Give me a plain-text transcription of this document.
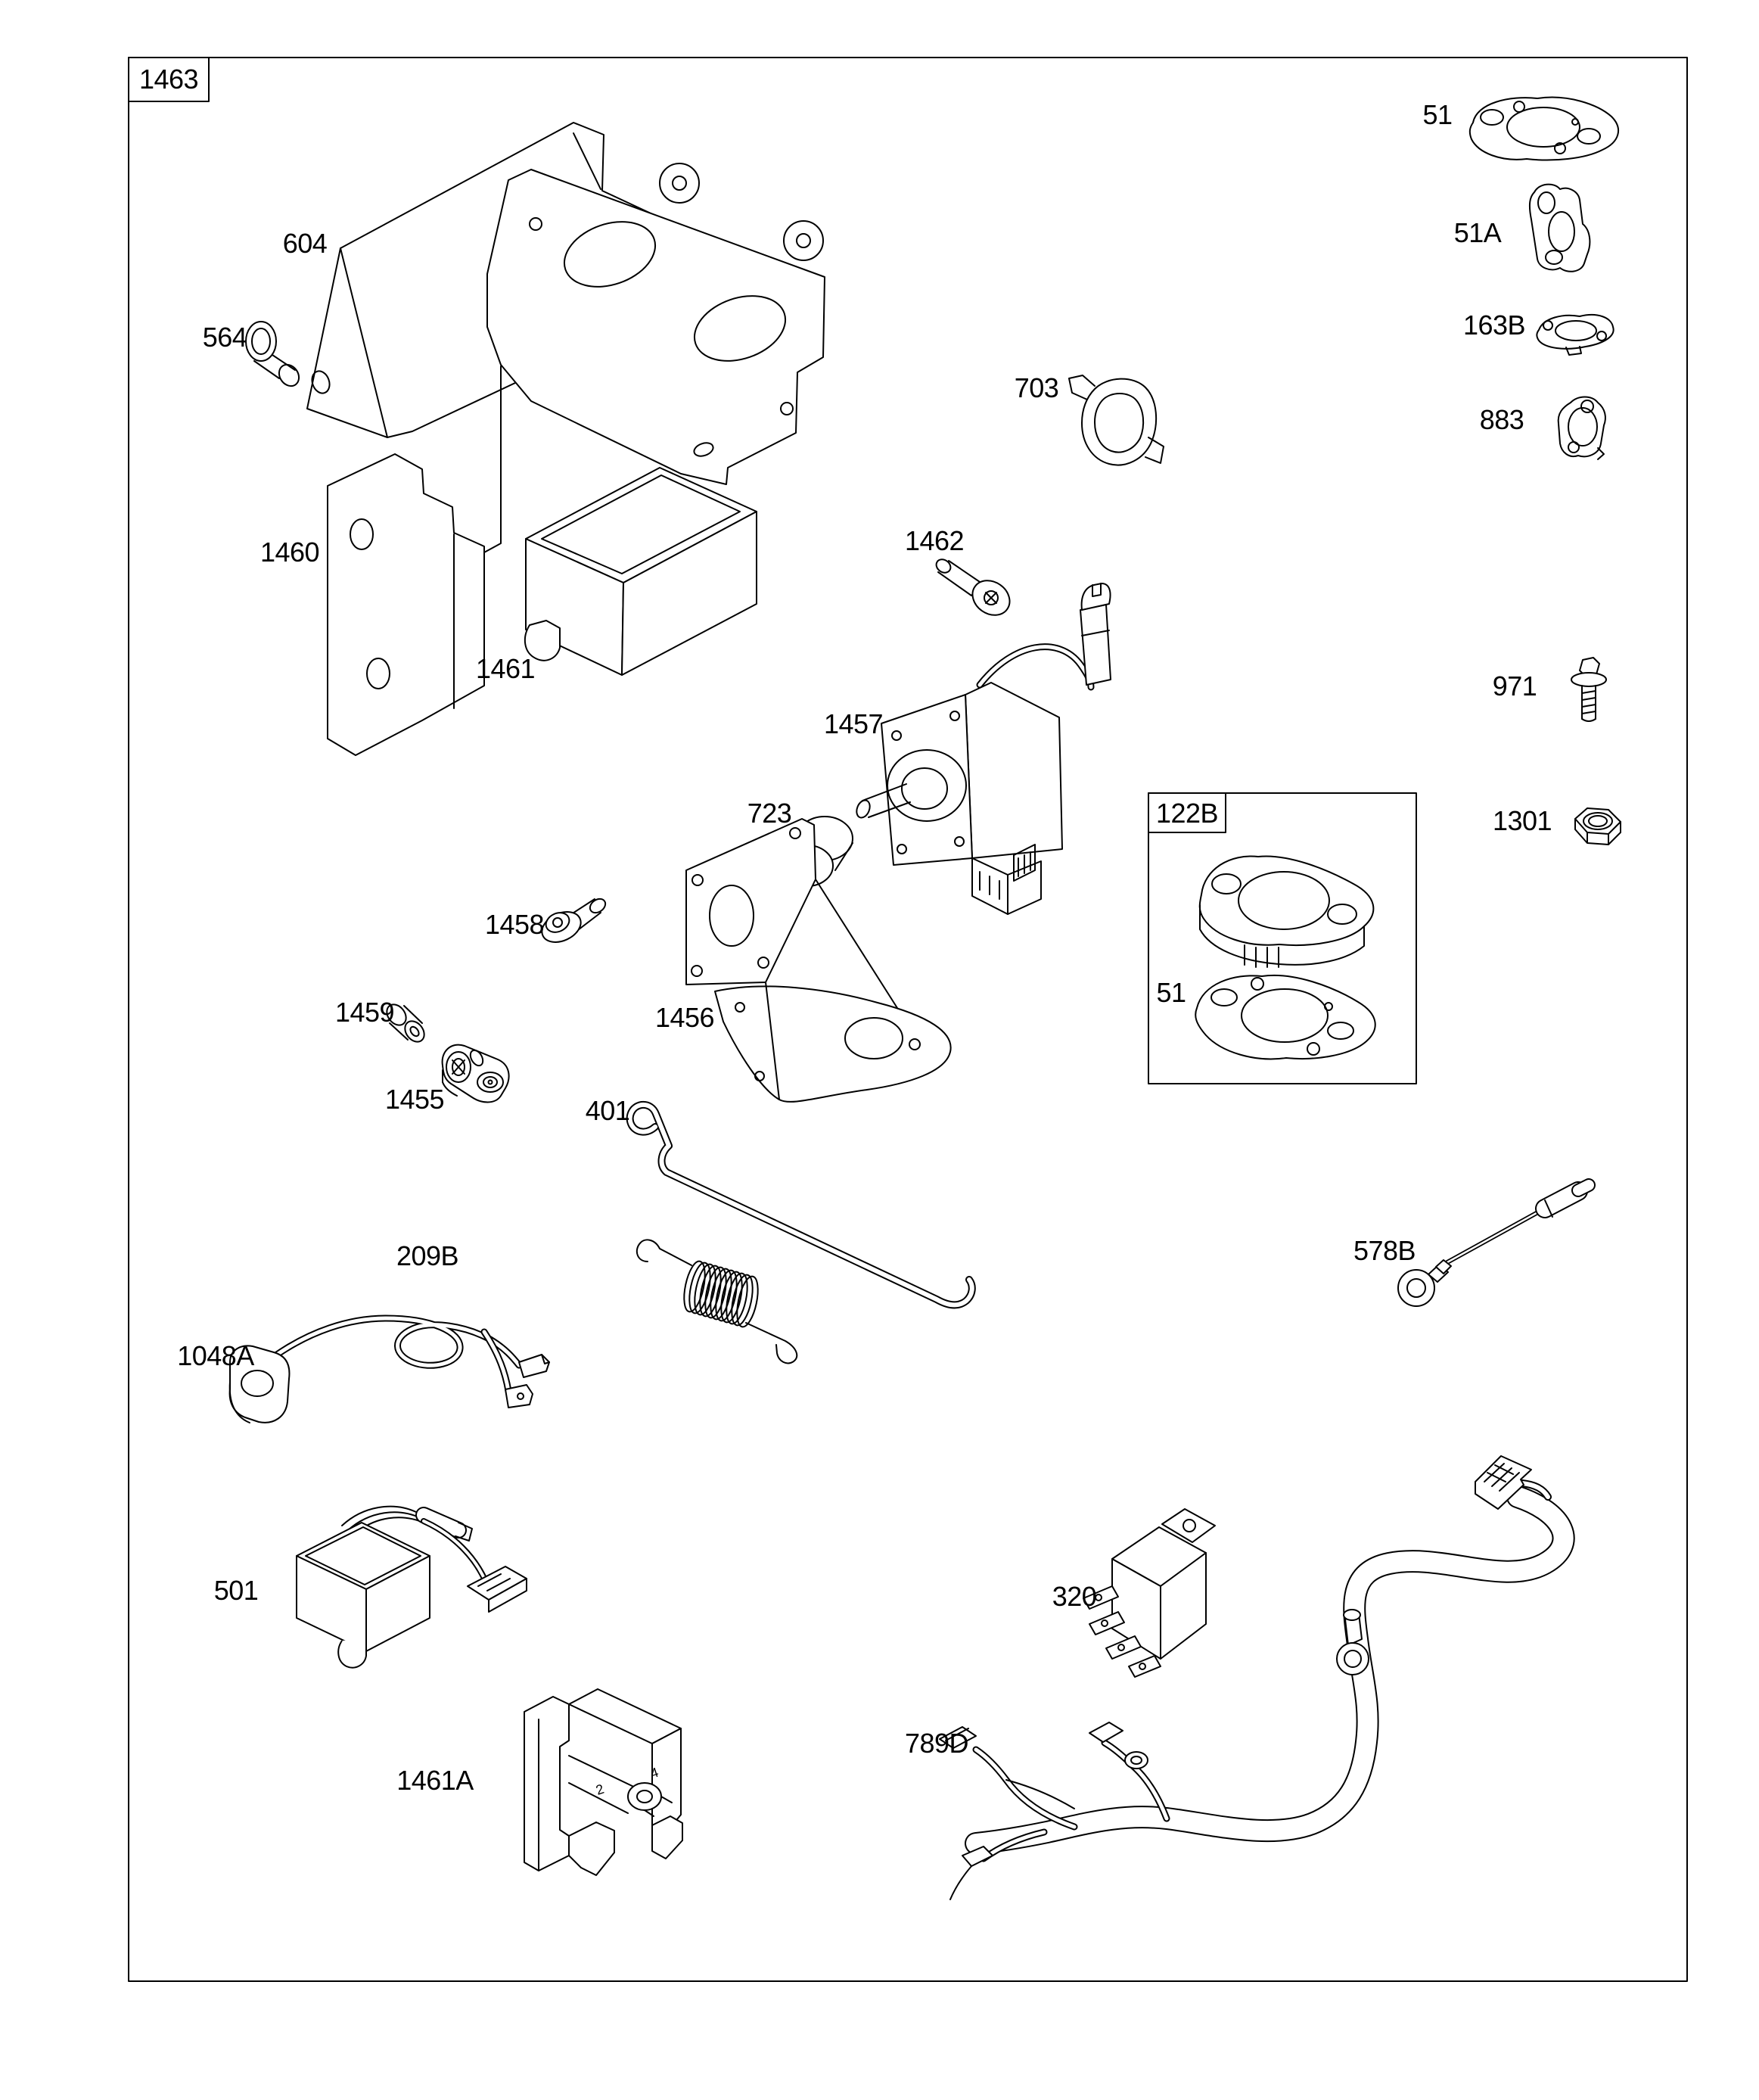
2
4
1463
604
564
703
51
51A
163B
883
971
1301
1460	1462
1461
1457
723	122B
51
1458
1459
1455
1456
401
209B	578B
1048A
501	320
1461A
789D
